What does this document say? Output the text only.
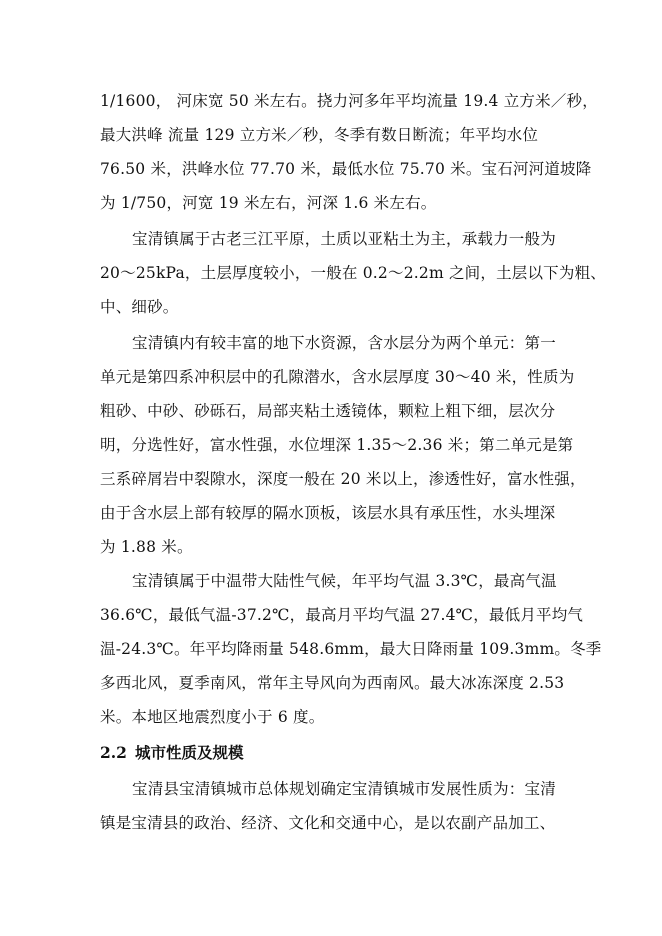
1/1600， 河床宽 50 米左右。挠力河多年平均流量 19.4 立方米／秒，
最大洪峰 流量 129 立方米／秒，冬季有数日断流；年平均水位
76.50 米，洪峰水位 77.70 米，最低水位 75.70 米。宝石河河道坡降
为 1/750，河宽 19 米左右，河深 1.6 米左右。
宝清镇属于古老三江平原，土质以亚粘土为主，承载力一般为
20～25kPa，土层厚度较小，一般在 0.2～2.2m 之间，土层以下为粗、
中、细砂。
宝清镇内有较丰富的地下水资源，含水层分为两个单元：第一
单元是第四系冲积层中的孔隙潜水，含水层厚度 30～40 米，性质为
粗砂、中砂、砂砾石，局部夹粘土透镜体，颗粒上粗下细，层次分
明，分选性好，富水性强，水位埋深 1.35～2.36 米；第二单元是第
三系碎屑岩中裂隙水，深度一般在 20 米以上，渗透性好，富水性强，
由于含水层上部有较厚的隔水顶板，该层水具有承压性，水头埋深
为 1.88 米。
宝清镇属于中温带大陆性气候，年平均气温 3.3℃，最高气温
36.6℃，最低气温-37.2℃，最高月平均气温 27.4℃，最低月平均气
温-24.3℃。年平均降雨量 548.6mm，最大日降雨量 109.3mm。冬季
多西北风，夏季南风，常年主导风向为西南风。最大冰冻深度 2.53
米。本地区地震烈度小于 6 度。
2.2 城市性质及规模
宝清县宝清镇城市总体规划确定宝清镇城市发展性质为：宝清
镇是宝清县的政治、经济、文化和交通中心，是以农副产品加工、
